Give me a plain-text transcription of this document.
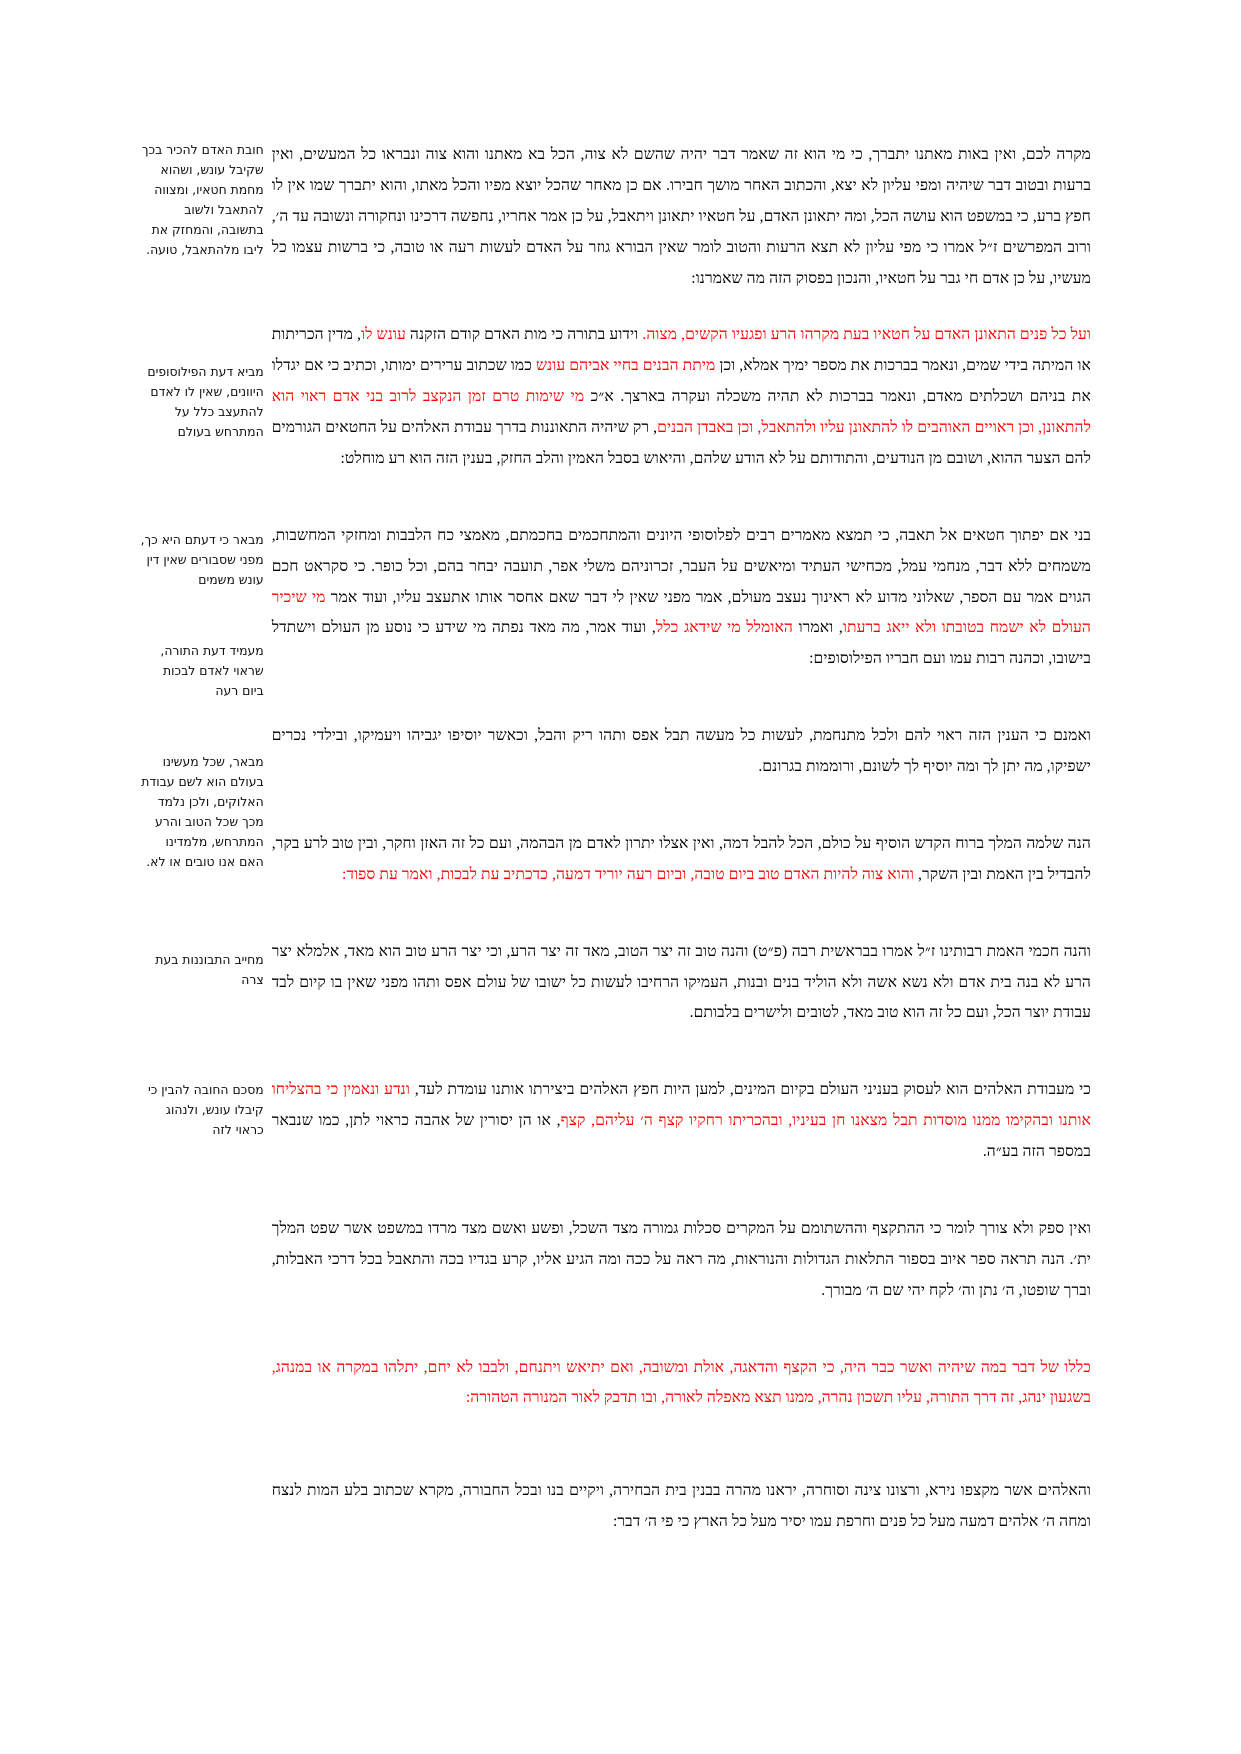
מקרה לכם, ואין באות מאתנו יתברך, כי מי הוא זה שאמר דבר יהיה שהשם לא צוה, הכל בא מאתנו והוא צוה ונבראו כל המעשים, ואין ברעות ובטוב דבר שיהיה ומפי עליון לא יצא, והכתוב האחר מושך חבירו. אם כן מאחר שהכל יוצא מפיו והכל מאתו, והוא יתברך שמו אין לו חפץ ברע, כי במשפט הוא עושה הכל, ומה יתאונן האדם, על חטאיו יתאונן ויתאבל, על כן אמר אחריו, נחפשה דרכינו ונחקורה ונשובה עד ה׳, ורוב המפרשים ז״ל אמרו כי מפי עליון לא תצא הרעות והטוב לומר שאין הבורא גוזר על האדם לעשות רעה או טובה, כי ברשות עצמו כל מעשיו, על כן אדם חי גבר על חטאיו, והנכון בפסוק הזה מה שאמרנו:

ועל כל פנים התאונן האדם על חטאיו בעת מקרהו הרע ופגעיו הקשים, מצוה. וידוע בתורה כי מות האדם קודם הזקנה עונש לו, מדין הכריתות או המיתה בידי שמים, ונאמר בברכות את מספר ימיך אמלא, וכן מיתת הבנים בחיי אביהם עונש כמו שכתוב ערירים ימותו, וכתיב כי אם יגדלו את בניהם ושכלתים מאדם, ונאמר בברכות לא תהיה משכלה ועקרה בארצך. א״כ מי שימות טרם זמן הנקצב לרוב בני אדם ראוי הוא להתאונן, וכן ראויים האוהבים לו להתאונן עליו ולהתאבל, וכן באבדן הבנים, רק שיהיה התאוננות בדרך עבודת האלהים על החטאים הגורמים להם הצער ההוא, ושובם מן הנודעים, והתודותם על לא הודע שלהם, והיאוש בסבל האמין והלב החזק, בענין הזה הוא רע מוחלט:

בני אם יפתוך חטאים אל תאבה, כי תמצא מאמרים רבים לפלוסופי היונים והמתחכמים בחכמתם, מאמצי כח הלבבות ומחזקי המחשבות, משמחים ללא דבר, מנחמי עמל, מכחישי העתיד ומיאשים על העבר, זכרוניהם משלי אפר, תועבה יבחר בהם, וכל כופר. כי סקראט חכם הגוים אמר עם הספר, שאלוני מדוע לא ראינוך נעצב מעולם, אמר מפני שאין לי דבר שאם אחסר אותו אתעצב עליו, ועוד אמר מי שיכיר העולם לא ישמח בטובתו ולא ייאג ברעתו, ואמרו האומלל מי שידאג כלל, ועוד אמר, מה מאד נפתה מי שידע כי נוסע מן העולם וישתדל בישובו, וכהנה רבות עמו ועם חבריו הפילוסופים:

ואמנם כי הענין הזה ראוי להם ולכל מתנחמת, לעשות כל מעשה תבל אפס ותהו ריק והבל, וכאשר יוסיפו יגביהו ויעמיקו, ובילדי נכרים ישפיקו, מה יתן לך ומה יוסיף לך לשונם, ורוממות בגרונם.

הנה שלמה המלך ברוח הקדש הוסיף על כולם, הכל להבל דמה, ואין אצלו יתרון לאדם מן הבהמה, ועם כל זה האזן וחקר, ובין טוב לרע בקר, להבדיל בין האמת ובין השקר, והוא צוה להיות האדם טוב ביום טובה, וביום רעה יוריד דמעה, כדכתיב עת לבכות, ואמר עת ספוד:

והנה חכמי האמת רבותינו ז״ל אמרו בבראשית רבה (פ״ט) והנה טוב זה יצר הטוב, מאד זה יצר הרע, וכי יצר הרע טוב הוא מאד, אלמלא יצר הרע לא בנה בית אדם ולא נשא אשה ולא הוליד בנים ובנות, העמיקו הרחיבו לעשות כל ישובו של עולם אפס ותהו מפני שאין בו קיום לבד עבודת יוצר הכל, ועם כל זה הוא טוב מאד, לטובים ולישרים בלבותם.

כי מעבודת האלהים הוא לעסוק בעניני העולם בקיום המינים, למען היות חפץ האלהים ביצירתו אותנו עומדת לעד, ונדע ונאמין כי בהצליחו אותנו ובהקימו ממנו מוסדות תבל מצאנו חן בעיניו, ובהכריתו רחקיו קצף ה׳ עליהם, קצף, או הן יסורין של אהבה כראוי לתן, כמו שנבאר במספר הזה בע״ה.

ואין ספק ולא צורך לומר כי ההתקצף וההשתומם על המקרים סכלות גמורה מצד השכל, ופשע ואשם מצד מרדו במשפט אשר שפט המלך ית׳. הנה תראה ספר איוב בספור התלאות הגדולות והנוראות, מה ראה על ככה ומה הגיע אליו, קרע בגדיו בכה והתאבל בכל דרכי האבלות, וברך שופטו, ה׳ נתן וה׳ לקח יהי שם ה׳ מבורך.

כללו של דבר במה שיהיה ואשר כבר היה, כי הקצף והדאגה, אולת ומשובה, ואם יתיאש ויתנחם, ולבבו לא יחם, יתלהו במקרה או במנהג, בשגעון ינהג, זה דרך התורה, עליו תשכון נהרה, ממנו תצא מאפלה לאורה, ובו תדבק לאור המנורה הטהורה:

והאלהים אשר מקצפו נירא, ורצונו צינה וסוחרה, יראנו מהרה בבנין בית הבחירה, ויקיים בנו ובכל החבורה, מקרא שכתוב בלע המות לנצח ומחה ה׳ אלהים דמעה מעל כל פנים וחרפת עמו יסיר מעל כל הארץ כי פי ה׳ דבר:

חובת האדם להכיר בכך שקיבל עונש, ושהוא מחמת חטאיו, ומצווה להתאבל ולשוב בתשובה, והמחזק את ליבו מלהתאבל, טועה.
מביא דעת הפילוסופים היוונים, שאין לו לאדם להתעצב כלל על המתרחש בעולם
מבאר כי דעתם היא כך, מפני שסבורים שאין דין עונש משמים
מעמיד דעת התורה, שראוי לאדם לבכות ביום רעה
מבאר, שכל מעשינו בעולם הוא לשם עבודת האלוקים, ולכן נלמד מכך שכל הטוב והרע המתרחש, מלמדינו האם אנו טובים או לא.
מחייב התבוננות בעת צרה
מסכם החובה להבין כי קיבלו עונש, ולנהוג כראוי לזה
